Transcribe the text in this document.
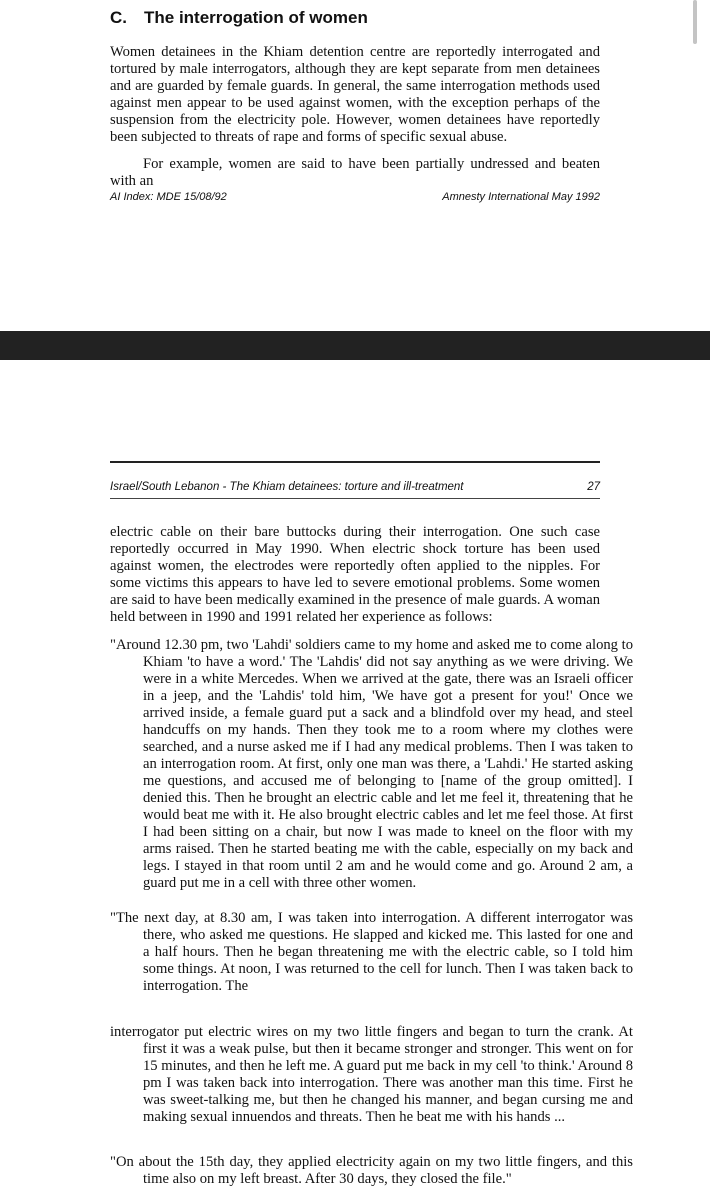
C. The interrogation of women
Women detainees in the Khiam detention centre are reportedly interrogated and tortured by male interrogators, although they are kept separate from men detainees and are guarded by female guards. In general, the same interrogation methods used against men appear to be used against women, with the exception perhaps of the suspension from the electricity pole. However, women detainees have reportedly been subjected to threats of rape and forms of specific sexual abuse.
For example, women are said to have been partially undressed and beaten with an
AI Index: MDE 15/08/92	Amnesty International May 1992
Israel/South Lebanon - The Khiam detainees: torture and ill-treatment	27
electric cable on their bare buttocks during their interrogation. One such case reportedly occurred in May 1990. When electric shock torture has been used against women, the electrodes were reportedly often applied to the nipples. For some victims this appears to have led to severe emotional problems. Some women are said to have been medically examined in the presence of male guards. A woman held between in 1990 and 1991 related her experience as follows:
"Around 12.30 pm, two 'Lahdi' soldiers came to my home and asked me to come along to Khiam 'to have a word.' The 'Lahdis' did not say anything as we were driving. We were in a white Mercedes. When we arrived at the gate, there was an Israeli officer in a jeep, and the 'Lahdis' told him, 'We have got a present for you!' Once we arrived inside, a female guard put a sack and a blindfold over my head, and steel handcuffs on my hands. Then they took me to a room where my clothes were searched, and a nurse asked me if I had any medical problems. Then I was taken to an interrogation room. At first, only one man was there, a 'Lahdi.' He started asking me questions, and accused me of belonging to [name of the group omitted]. I denied this. Then he brought an electric cable and let me feel it, threatening that he would beat me with it. He also brought electric cables and let me feel those. At first I had been sitting on a chair, but now I was made to kneel on the floor with my arms raised. Then he started beating me with the cable, especially on my back and legs. I stayed in that room until 2 am and he would come and go. Around 2 am, a guard put me in a cell with three other women.
"The next day, at 8.30 am, I was taken into interrogation. A different interrogator was there, who asked me questions. He slapped and kicked me. This lasted for one and a half hours. Then he began threatening me with the electric cable, so I told him some things. At noon, I was returned to the cell for lunch. Then I was taken back to interrogation. The
interrogator put electric wires on my two little fingers and began to turn the crank. At first it was a weak pulse, but then it became stronger and stronger. This went on for 15 minutes, and then he left me. A guard put me back in my cell 'to think.' Around 8 pm I was taken back into interrogation. There was another man this time. First he was sweet-talking me, but then he changed his manner, and began cursing me and making sexual innuendos and threats. Then he beat me with his hands ...
"On about the 15th day, they applied electricity again on my two little fingers, and this time also on my left breast. After 30 days, they closed the file."
